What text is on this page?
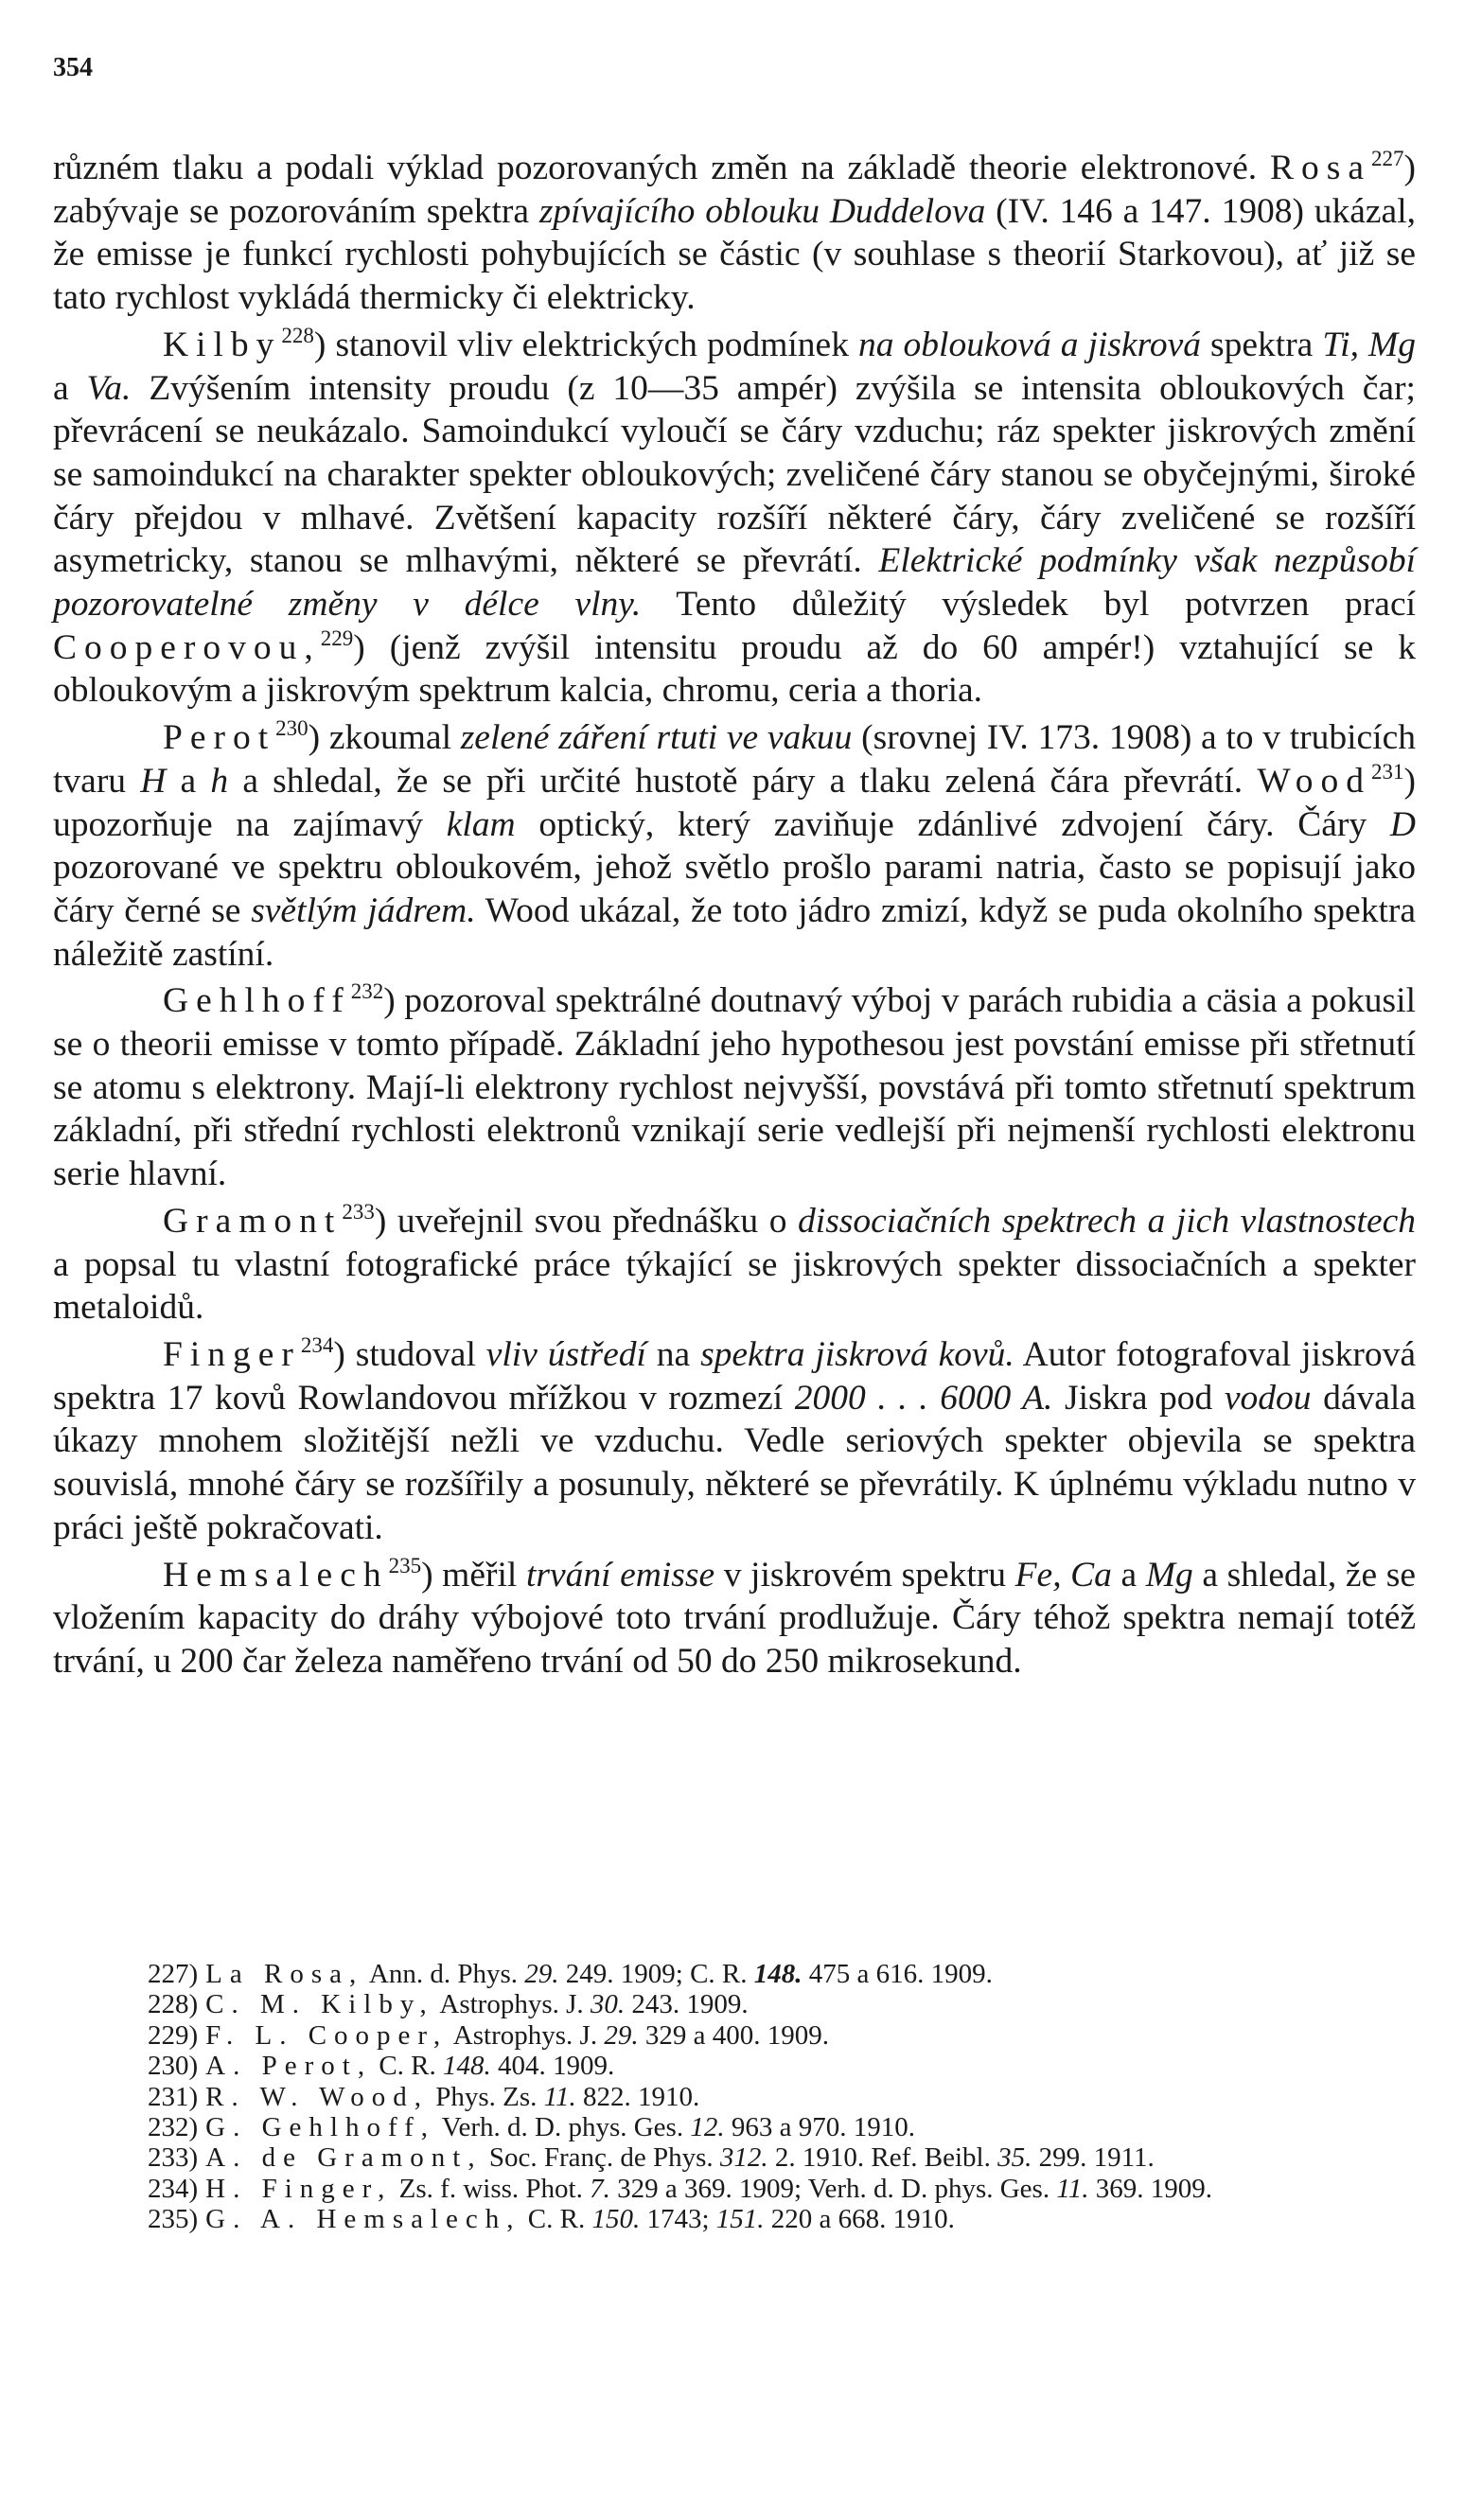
354

různém tlaku a podali výklad pozorovaných změn na základě theorie elektronové. Rosa$^{227}$) zabývaje se pozorováním spektra zpívajícího oblouku Duddelova (IV. 146 a 147. 1908) ukázal, že emisse je funkcí rychlosti pohybujících se částic (v souhlase s theorií Starkovou), ať již se tato rychlost vykládá thermicky či elektricky.

Kilby$^{228}$) stanovil vliv elektrických podmínek na oblouková a jiskrová spektra Ti, Mg a Va. Zvýšením intensity proudu (z 10—35 ampér) zvýšila se intensita obloukových čar; převrácení se neukázalo. Samoindukcí vyloučí se čáry vzduchu; ráz spekter jiskrových změní se samoindukcí na charakter spekter obloukových; zveličené čáry stanou se obyčejnými, široké čáry přejdou v mlhavé. Zvětšení kapacity rozšíří některé čáry, čáry zveličené se rozšíří asymetricky, stanou se mlhavými, některé se převrátí. Elektrické podmínky však nezpůsobí pozorovatelné změny v délce vlny. Tento důležitý výsledek byl potvrzen prací Cooperovou,$^{229}$) (jenž zvýšil intensitu proudu až do 60 ampér!) vztahující se k obloukovým a jiskrovým spektrum kalcia, chromu, ceria a thoria.

Perot$^{230}$) zkoumal zelené záření rtuti ve vakuu (srovnej IV. 173. 1908) a to v trubicích tvaru H a h a shledal, že se při určité hustotě páry a tlaku zelená čára převrátí. Wood$^{231}$) upozorňuje na zajímavý klam optický, který zaviňuje zdánlivé zdvojení čáry. Čáry D pozorované ve spektru obloukovém, jehož světlo prošlo parami natria, často se popisují jako čáry černé se světlým jádrem. Wood ukázal, že toto jádro zmizí, když se puda okolního spektra náležitě zastíní.

Gehlhoff$^{232}$) pozoroval spektrálné doutnavý výboj v parách rubidia a cäsia a pokusil se o theorii emisse v tomto případě. Základní jeho hypothesou jest povstání emisse při střetnutí se atomu s elektrony. Mají-li elektrony rychlost nejvyšší, povstává při tomto střetnutí spektrum základní, při střední rychlosti elektronů vznikají serie vedlejší při nejmenší rychlosti elektronu serie hlavní.

Gramont$^{233}$) uveřejnil svou přednášku o dissociačních spektrech a jich vlastnostech a popsal tu vlastní fotografické práce týkající se jiskrových spekter dissociačních a spekter metaloidů.

Finger$^{234}$) studoval vliv ústředí na spektra jiskrová kovů. Autor fotografoval jiskrová spektra 17 kovů Rowlandovou mřížkou v rozmezí 2000 . . . 6000 A. Jiskra pod vodou dávala úkazy mnohem složitější nežli ve vzduchu. Vedle seriových spekter objevila se spektra souvislá, mnohé čáry se rozšířily a posunuly, některé se převrátily. K úplnému výkladu nutno v práci ještě pokračovati.

Hemsalech$^{235}$) měřil trvání emisse v jiskrovém spektru Fe, Ca a Mg a shledal, že se vložením kapacity do dráhy výbojové toto trvání prodlužuje. Čáry téhož spektra nemají totéž trvání, u 200 čar železa naměřeno trvání od 50 do 250 mikrosekund.

227) La Rosa, Ann. d. Phys. 29. 249. 1909; C. R. 148. 475 a 616. 1909.

228) C. M. Kilby, Astrophys. J. 30. 243. 1909.

229) F. L. Cooper, Astrophys. J. 29. 329 a 400. 1909.

230) A. Perot, C. R. 148. 404. 1909.

231) R. W. Wood, Phys. Zs. 11. 822. 1910.

232) G. Gehlhoff, Verh. d. D. phys. Ges. 12. 963 a 970. 1910.

233) A. de Gramont, Soc. Franç. de Phys. 312. 2. 1910. Ref. Beibl. 35. 299. 1911.

234) H. Finger, Zs. f. wiss. Phot. 7. 329 a 369. 1909; Verh. d. D. phys. Ges. 11. 369. 1909.

235) G. A. Hemsalech, C. R. 150. 1743; 151. 220 a 668. 1910.
